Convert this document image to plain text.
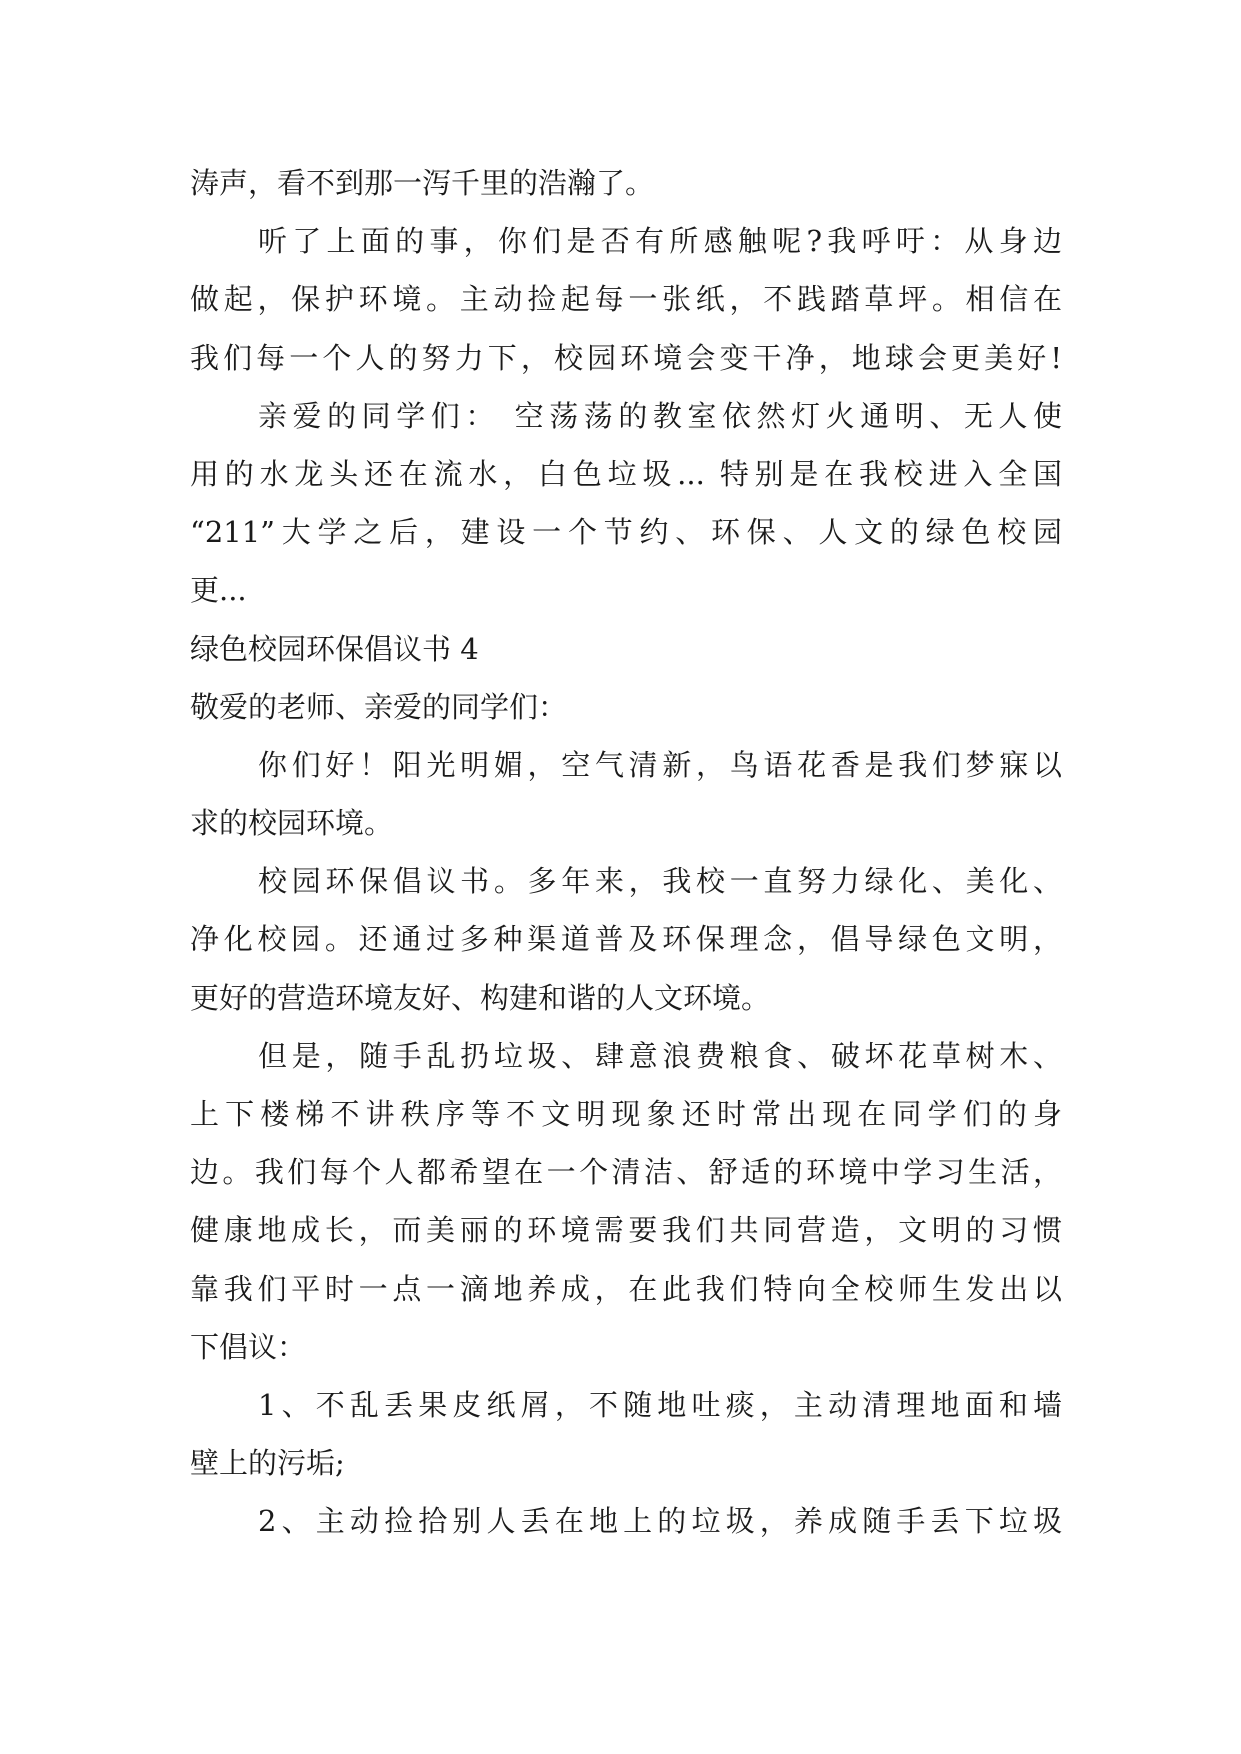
涛声，看不到那一泻千里的浩瀚了。
听了上面的事，你们是否有所感触呢?我呼吁：从身边
做起，保护环境。主动捡起每一张纸，不践踏草坪。相信在
我们每一个人的努力下，校园环境会变干净，地球会更美好!
亲爱的同学们： 空荡荡的教室依然灯火通明、无人使
用的水龙头还在流水，白色垃圾... 特别是在我校进入全国
“211”大学之后，建设一个节约、环保、人文的绿色校园
更...
绿色校园环保倡议书 4
敬爱的老师、亲爱的同学们：
你们好！阳光明媚，空气清新，鸟语花香是我们梦寐以
求的校园环境。
校园环保倡议书。多年来，我校一直努力绿化、美化、
净化校园。还通过多种渠道普及环保理念，倡导绿色文明，
更好的营造环境友好、构建和谐的人文环境。
但是，随手乱扔垃圾、肆意浪费粮食、破坏花草树木、
上下楼梯不讲秩序等不文明现象还时常出现在同学们的身
边。我们每个人都希望在一个清洁、舒适的环境中学习生活，
健康地成长，而美丽的环境需要我们共同营造，文明的习惯
靠我们平时一点一滴地养成，在此我们特向全校师生发出以
下倡议：
1、不乱丢果皮纸屑，不随地吐痰，主动清理地面和墙
壁上的污垢;
2、主动捡拾别人丢在地上的垃圾，养成随手丢下垃圾
